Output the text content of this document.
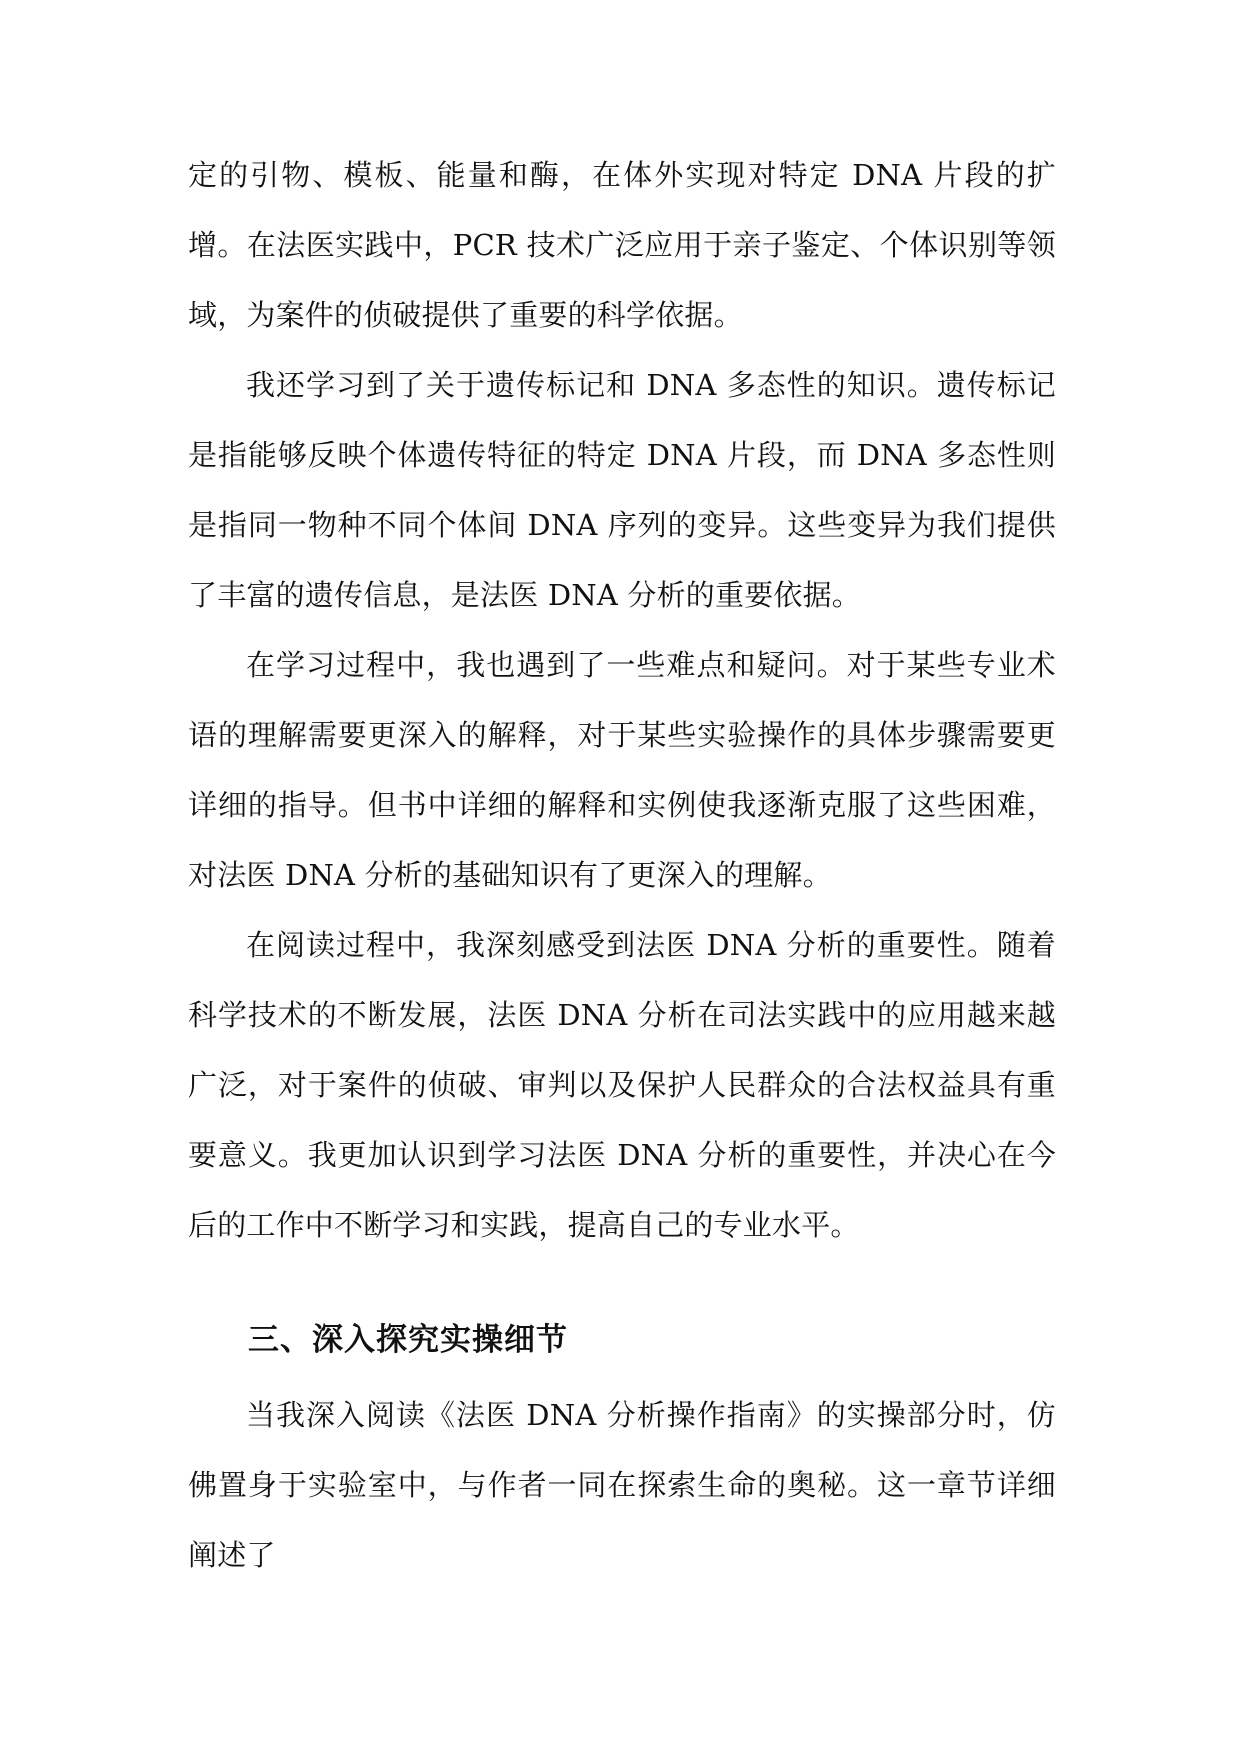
定的引物、模板、能量和酶，在体外实现对特定 DNA 片段的扩增。在法医实践中，PCR 技术广泛应用于亲子鉴定、个体识别等领域，为案件的侦破提供了重要的科学依据。

我还学习到了关于遗传标记和 DNA 多态性的知识。遗传标记是指能够反映个体遗传特征的特定 DNA 片段，而 DNA 多态性则是指同一物种不同个体间 DNA 序列的变异。这些变异为我们提供了丰富的遗传信息，是法医 DNA 分析的重要依据。

在学习过程中，我也遇到了一些难点和疑问。对于某些专业术语的理解需要更深入的解释，对于某些实验操作的具体步骤需要更详细的指导。但书中详细的解释和实例使我逐渐克服了这些困难，对法医 DNA 分析的基础知识有了更深入的理解。

在阅读过程中，我深刻感受到法医 DNA 分析的重要性。随着科学技术的不断发展，法医 DNA 分析在司法实践中的应用越来越广泛，对于案件的侦破、审判以及保护人民群众的合法权益具有重要意义。我更加认识到学习法医 DNA 分析的重要性，并决心在今后的工作中不断学习和实践，提高自己的专业水平。

三、深入探究实操细节

当我深入阅读《法医 DNA 分析操作指南》的实操部分时，仿佛置身于实验室中，与作者一同在探索生命的奥秘。这一章节详细阐述了
